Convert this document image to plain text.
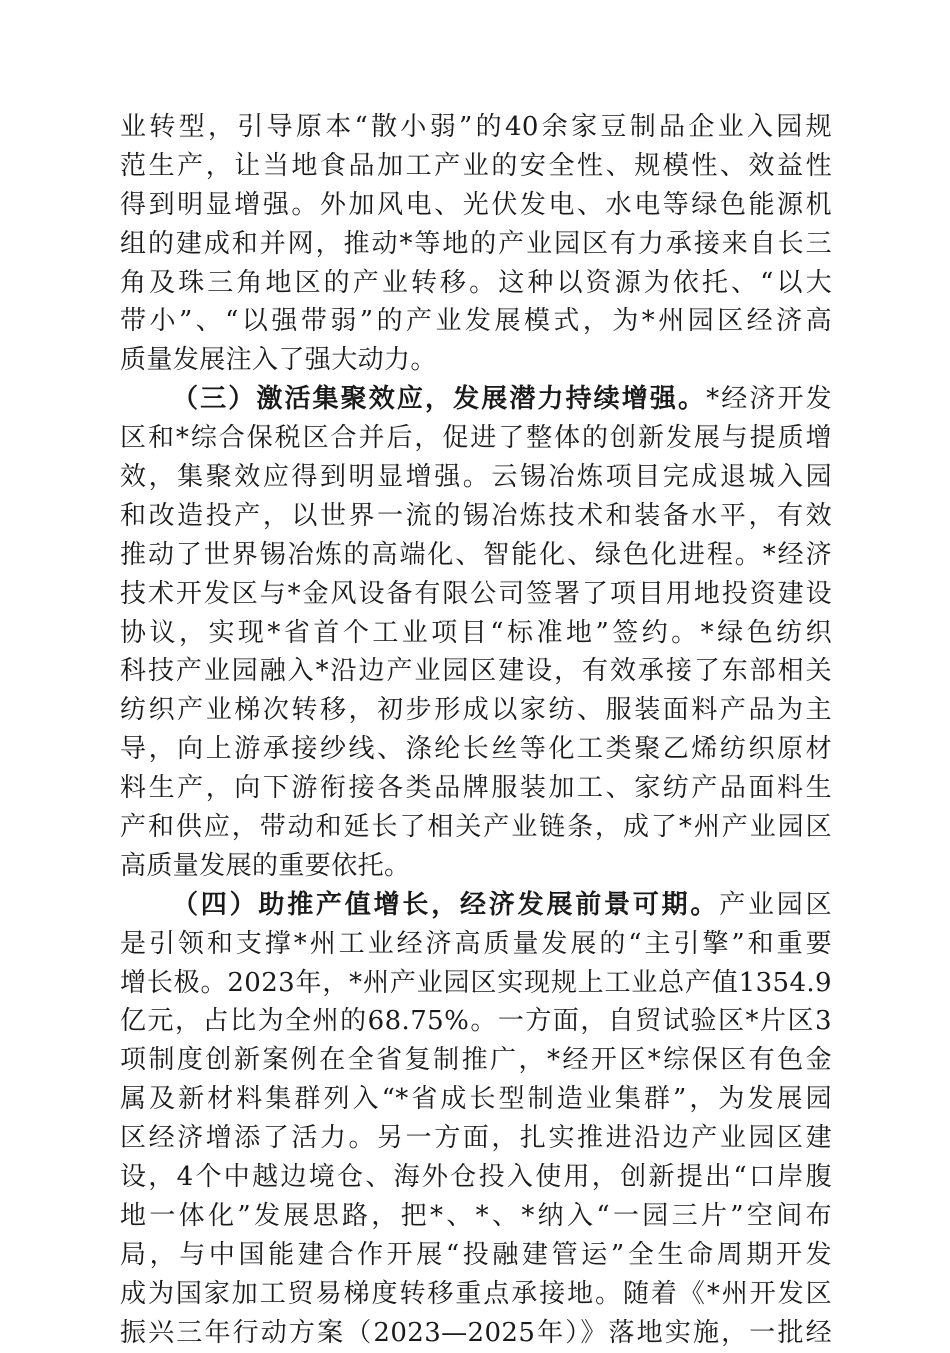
业转型，引导原本“散小弱”的40余家豆制品企业入园规
范生产，让当地食品加工产业的安全性、规模性、效益性
得到明显增强。外加风电、光伏发电、水电等绿色能源机
组的建成和并网，推动*等地的产业园区有力承接来自长三
角及珠三角地区的产业转移。这种以资源为依托、“以大
带小”、“以强带弱”的产业发展模式，为*州园区经济高
质量发展注入了强大动力。
（三）激活集聚效应，发展潜力持续增强。*经济开发
区和*综合保税区合并后，促进了整体的创新发展与提质增
效，集聚效应得到明显增强。云锡冶炼项目完成退城入园
和改造投产，以世界一流的锡冶炼技术和装备水平，有效
推动了世界锡冶炼的高端化、智能化、绿色化进程。*经济
技术开发区与*金风设备有限公司签署了项目用地投资建设
协议，实现*省首个工业项目“标准地”签约。*绿色纺织
科技产业园融入*沿边产业园区建设，有效承接了东部相关
纺织产业梯次转移，初步形成以家纺、服装面料产品为主
导，向上游承接纱线、涤纶长丝等化工类聚乙烯纺织原材
料生产，向下游衔接各类品牌服装加工、家纺产品面料生
产和供应，带动和延长了相关产业链条，成了*州产业园区
高质量发展的重要依托。
（四）助推产值增长，经济发展前景可期。产业园区
是引领和支撑*州工业经济高质量发展的“主引擎”和重要
增长极。2023年，*州产业园区实现规上工业总产值1354.9
亿元，占比为全州的68.75%。一方面，自贸试验区*片区3
项制度创新案例在全省复制推广，*经开区*综保区有色金
属及新材料集群列入“*省成长型制造业集群”，为发展园
区经济增添了活力。另一方面，扎实推进沿边产业园区建
设，4个中越边境仓、海外仓投入使用，创新提出“口岸腹
地一体化”发展思路，把*、*、*纳入“一园三片”空间布
局，与中国能建合作开展“投融建管运”全生命周期开发
成为国家加工贸易梯度转移重点承接地。随着《*州开发区
振兴三年行动方案（2023—2025年）》落地实施，一批经
